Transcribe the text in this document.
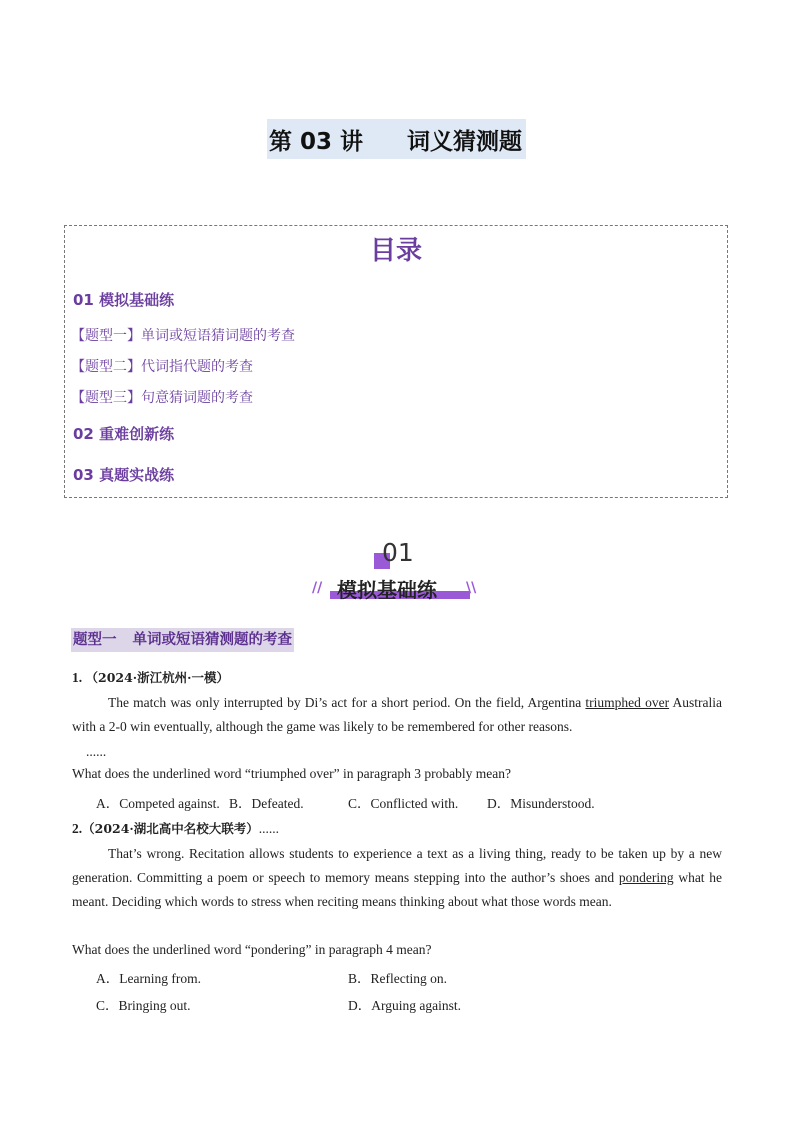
第 03 讲 词义猜测题
目录
01 模拟基础练
【题型一】单词或短语猜词题的考查
【题型二】代词指代题的考查
【题型三】句意猜词题的考查
02 重难创新练
03 真题实战练
01
// 模拟基础练 \\
题型一 单词或短语猜测题的考查
1. （2024·浙江杭州·一模）
The match was only interrupted by Di’s act for a short period. On the field, Argentina triumphed over Australia with a 2-0 win eventually, although the game was likely to be remembered for other reasons.
......
What does the underlined word “triumphed over” in paragraph 3 probably mean?
A．Competed against. B．Defeated.	C．Conflicted with. D．Misunderstood.
2.（2024·湖北高中名校大联考）......
That’s wrong. Recitation allows students to experience a text as a living thing, ready to be taken up by a new generation. Committing a poem or speech to memory means stepping into the author’s shoes and pondering what he meant. Deciding which words to stress when reciting means thinking about what those words mean.
What does the underlined word “pondering” in paragraph 4 mean?
A．Learning from.	B．Reflecting on.
C．Bringing out.	D．Arguing against.
